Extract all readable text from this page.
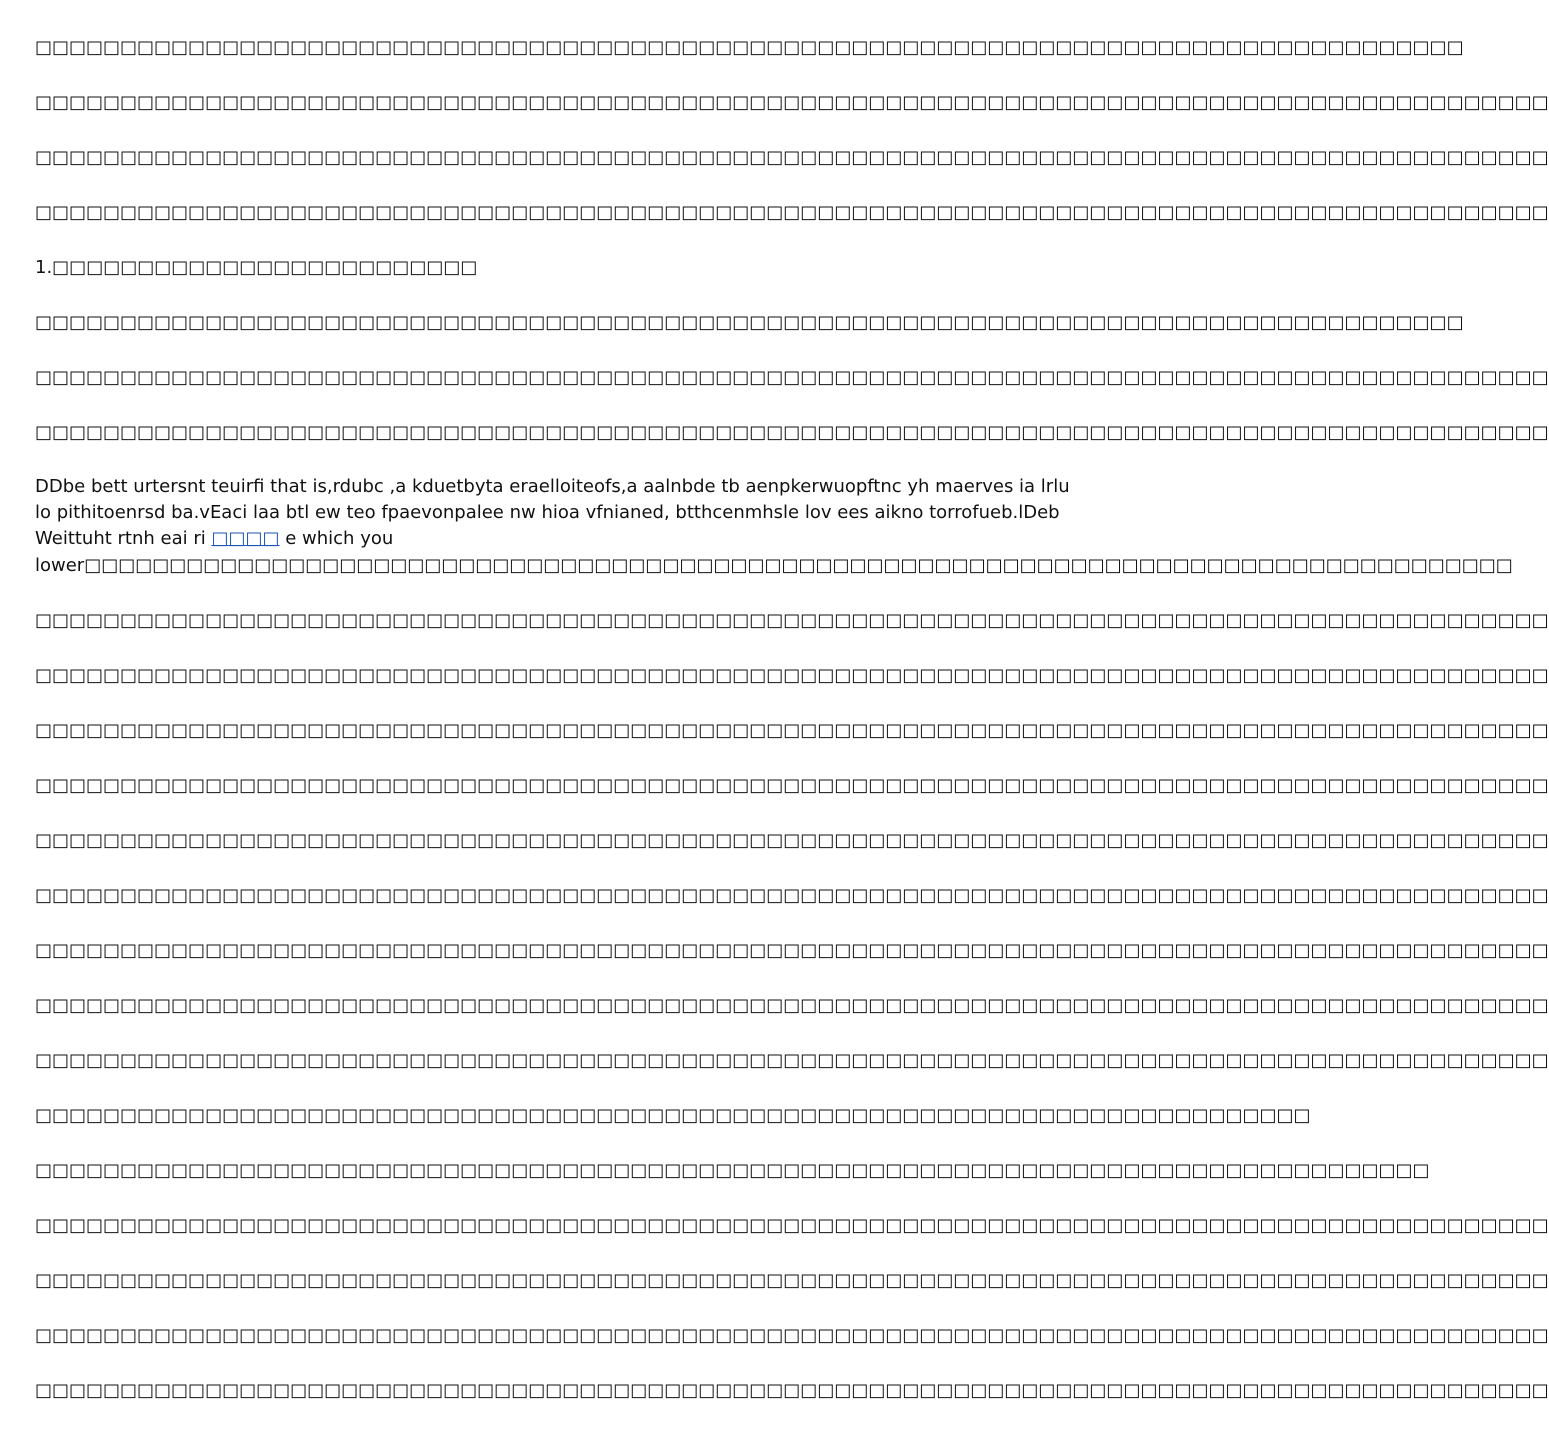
□□□□□□□□□□□□□□□□□□□□□□□□□□□□□□□□□□□□□□□□□□□□□□□□□□□□□□□□□□□□□□□□□□□□□□□□□□□□□□□□□□□□
□□□□□□□□□□□□□□□□□□□□□□□□□□□□□□□□□□□□□□□□□□□□□□□□□□□□□□□□□□□□□□□□□□□□□□□□□□□□□□□□□□□□□□□□□
□□□□□□□□□□□□□□□□□□□□□□□□□□□□□□□□□□□□□□□□□□□□□□□□□□□□□□□□□□□□□□□□□□□□□□□□□□□□□□□□□□□□□□□□□
□□□□□□□□□□□□□□□□□□□□□□□□□□□□□□□□□□□□□□□□□□□□□□□□□□□□□□□□□□□□□□□□□□□□□□□□□□□□□□□□□□□□□□□□□
1.□□□□□□□□□□□□□□□□□□□□□□□□□
□□□□□□□□□□□□□□□□□□□□□□□□□□□□□□□□□□□□□□□□□□□□□□□□□□□□□□□□□□□□□□□□□□□□□□□□□□□□□□□□□□□□
□□□□□□□□□□□□□□□□□□□□□□□□□□□□□□□□□□□□□□□□□□□□□□□□□□□□□□□□□□□□□□□□□□□□□□□□□□□□□□□□□□□□□□□□□
□□□□□□□□□□□□□□□□□□□□□□□□□□□□□□□□□□□□□□□□□□□□□□□□□□□□□□□□□□□□□□□□□□□□□□□□□□□□□□□□□□□□□□□□□
DDbe bett urtersnt teuirfi that is,rdubc ,a kduetbyta eraelloiteofs,a aalnbde tb aenpkerwuopftnc yh maerves ia lrlu
lo pithitoenrsd ba.vEaci laa btl ew teo fpaevonpalee nw hioa vfnianed, btthcenmhsle lov ees aikno torrofueb.lDeb
Weittuht rtnh eai ri □□□□ e which you
lower□□□□□□□□□□□□□□□□□□□□□□□□□□□□□□□□□□□□□□□□□□□□□□□□□□□□□□□□□□□□□□□□□□□□□□□□□□□□□□□□□□□□
□□□□□□□□□□□□□□□□□□□□□□□□□□□□□□□□□□□□□□□□□□□□□□□□□□□□□□□□□□□□□□□□□□□□□□□□□□□□□□□□□□□□□□□□□
□□□□□□□□□□□□□□□□□□□□□□□□□□□□□□□□□□□□□□□□□□□□□□□□□□□□□□□□□□□□□□□□□□□□□□□□□□□□□□□□□□□□□□□□□
□□□□□□□□□□□□□□□□□□□□□□□□□□□□□□□□□□□□□□□□□□□□□□□□□□□□□□□□□□□□□□□□□□□□□□□□□□□□□□□□□□□□□□□□□
□□□□□□□□□□□□□□□□□□□□□□□□□□□□□□□□□□□□□□□□□□□□□□□□□□□□□□□□□□□□□□□□□□□□□□□□□□□□□□□□□□□□□□□□□
□□□□□□□□□□□□□□□□□□□□□□□□□□□□□□□□□□□□□□□□□□□□□□□□□□□□□□□□□□□□□□□□□□□□□□□□□□□□□□□□□□□□□□□□□
□□□□□□□□□□□□□□□□□□□□□□□□□□□□□□□□□□□□□□□□□□□□□□□□□□□□□□□□□□□□□□□□□□□□□□□□□□□□□□□□□□□□□□□□□
□□□□□□□□□□□□□□□□□□□□□□□□□□□□□□□□□□□□□□□□□□□□□□□□□□□□□□□□□□□□□□□□□□□□□□□□□□□□□□□□□□□□□□□□□
□□□□□□□□□□□□□□□□□□□□□□□□□□□□□□□□□□□□□□□□□□□□□□□□□□□□□□□□□□□□□□□□□□□□□□□□□□□□□□□□□□□□□□□□□
□□□□□□□□□□□□□□□□□□□□□□□□□□□□□□□□□□□□□□□□□□□□□□□□□□□□□□□□□□□□□□□□□□□□□□□□□□□□□□□□□□□□□□□□□
□□□□□□□□□□□□□□□□□□□□□□□□□□□□□□□□□□□□□□□□□□□□□□□□□□□□□□□□□□□□□□□□□□□□□□□□□□□
□□□□□□□□□□□□□□□□□□□□□□□□□□□□□□□□□□□□□□□□□□□□□□□□□□□□□□□□□□□□□□□□□□□□□□□□□□□□□□□□□□
□□□□□□□□□□□□□□□□□□□□□□□□□□□□□□□□□□□□□□□□□□□□□□□□□□□□□□□□□□□□□□□□□□□□□□□□□□□□□□□□□□□□□□□□□
□□□□□□□□□□□□□□□□□□□□□□□□□□□□□□□□□□□□□□□□□□□□□□□□□□□□□□□□□□□□□□□□□□□□□□□□□□□□□□□□□□□□□□□□□
□□□□□□□□□□□□□□□□□□□□□□□□□□□□□□□□□□□□□□□□□□□□□□□□□□□□□□□□□□□□□□□□□□□□□□□□□□□□□□□□□□□□□□□□□
□□□□□□□□□□□□□□□□□□□□□□□□□□□□□□□□□□□□□□□□□□□□□□□□□□□□□□□□□□□□□□□□□□□□□□□□□□□□□□□□□□□□□□□□□
